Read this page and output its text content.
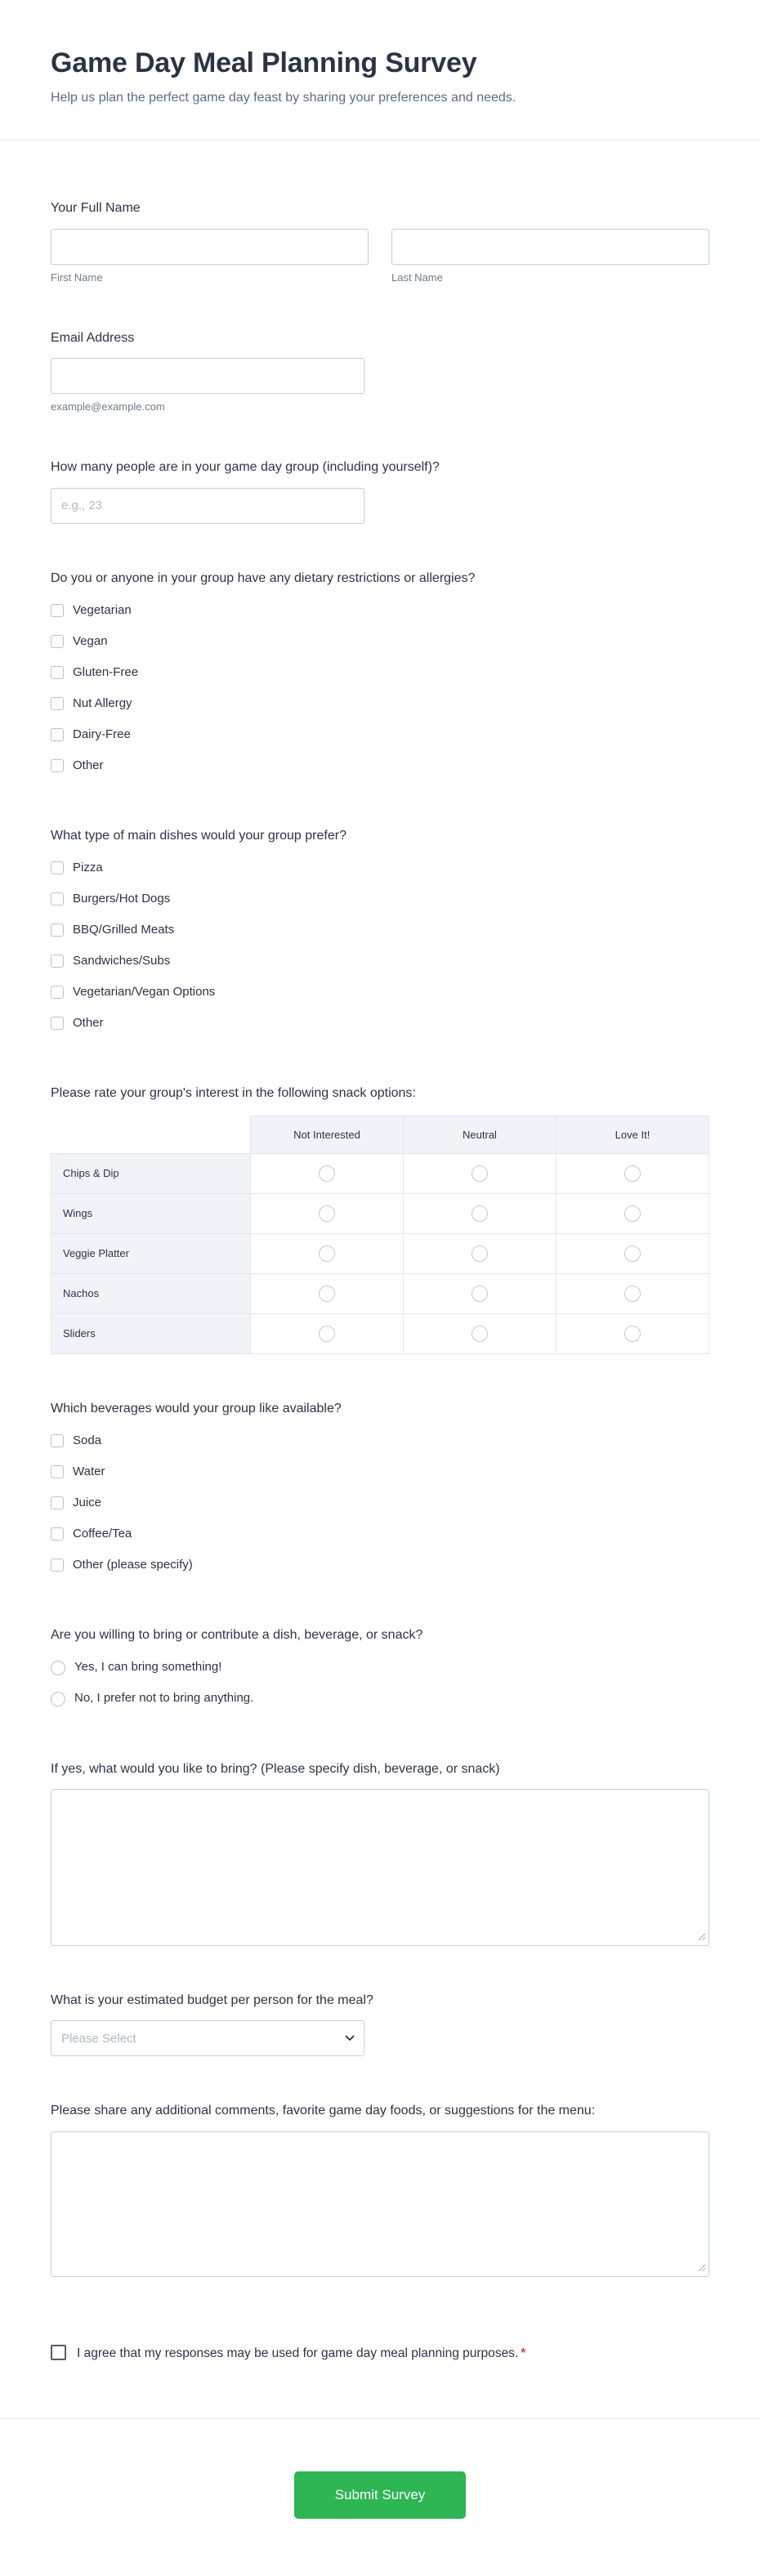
Game Day Meal Planning Survey
Help us plan the perfect game day feast by sharing your preferences and needs.
Your Full Name
First Name	Last Name
Email Address
example@example.com
How many people are in your game day group (including yourself)?
e.g., 23
Do you or anyone in your group have any dietary restrictions or allergies?
Vegetarian
Vegan
Gluten-Free
Nut Allergy
Dairy-Free
Other
What type of main dishes would your group prefer?
Pizza
Burgers/Hot Dogs
BBQ/Grilled Meats
Sandwiches/Subs
Vegetarian/Vegan Options
Other
Please rate your group's interest in the following snack options:
	Not Interested	Neutral	Love It!
Chips & Dip			
Wings			
Veggie Platter			
Nachos			
Sliders			
Which beverages would your group like available?
Soda
Water
Juice
Coffee/Tea
Other (please specify)
Are you willing to bring or contribute a dish, beverage, or snack?
Yes, I can bring something!
No, I prefer not to bring anything.
If yes, what would you like to bring? (Please specify dish, beverage, or snack)
What is your estimated budget per person for the meal?
Please Select
Please share any additional comments, favorite game day foods, or suggestions for the menu:
I agree that my responses may be used for game day meal planning purposes. *
Submit Survey
